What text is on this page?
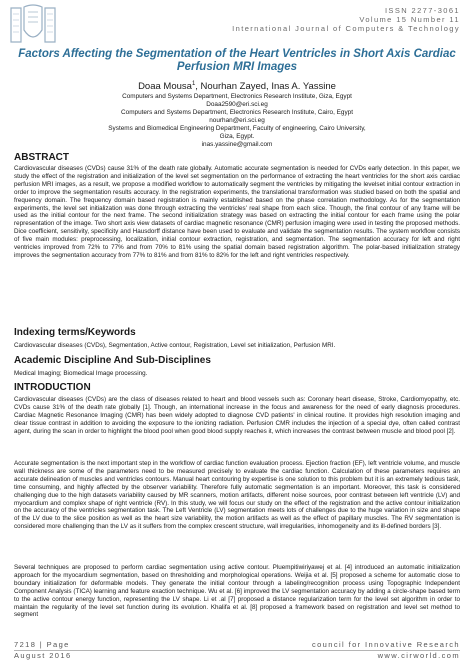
ISSN 2277-3061
Volume 15 Number 11
International Journal of Computers & Technology
Factors Affecting the Segmentation of the Heart Ventricles in Short Axis Cardiac Perfusion MRI Images
Doaa Mousa$^1$, Nourhan Zayed, Inas A. Yassine
Computers and Systems Department, Electronics Research Institute, Giza, Egypt
Doaa2590@eri.sci.eg
Computers and Systems Department, Electronics Research Institute, Cairo, Egypt
nourhan@eri.sci.eg
Systems and Biomedical Engineering Department, Faculty of engineering, Cairo University,
Giza, Egypt.
inas.yassine@gmail.com
ABSTRACT

Cardiovascular diseases (CVDs) cause 31% of the death rate globally. Automatic accurate segmentation is needed for CVDs early detection. In this paper, we study the effect of the registration and initialization of the level set segmentation on the performance of extracting the heart ventricles for the short axis cardiac perfusion MRI images, as a result, we propose a modified workflow to automatically segment the ventricles by mitigating the levelset initial contour extraction in order to improve the segmentation results accuracy. In the registration experiments, the translational transformation was studied based on both the spatial and frequency domain. The frequency domain based registration is mainly established based on the phase correlation methodology. As for the segmentation experiments, the level set initialization was done through extracting the ventricles' real shape from each slice. Though, the final contour of any frame will be used as the initial contour for the next frame. The second initialization strategy was based on extracting the initial contour for each frame using the polar representation of the image. Two short axis view datasets of cardiac magnetic resonance (CMR) perfusion imaging were used in testing the proposed methods. Dice coefficient, sensitivity, specificity and Hausdorff distance have been used to evaluate and validate the segmentation results. The system workflow consists of five main modules: preprocessing, localization, initial contour extraction, registration, and segmentation. The segmentation accuracy for left and right ventricles improved from 72% to 77% and from 70% to 81% using the spatial domain based registration algorithm. The polar-based initialization strategy improves the segmentation accuracy from 77% to 81% and from 81% to 82% for the left and right ventricles respectively.

Indexing terms/Keywords

Cardiovascular diseases (CVDs), Segmentation, Active contour, Registration, Level set initialization, Perfusion MRI.

Academic Discipline And Sub-Disciplines

Medical Imaging; Biomedical Image processing.

INTRODUCTION

Cardiovascular diseases (CVDs) are the class of diseases related to heart and blood vessels such as: Coronary heart disease, Stroke, Cardiomyopathy, etc. CVDs cause 31% of the death rate globally [1]. Though, an international increase in the focus and awareness for the need of early diagnosis procedures. Cardiac Magnetic Resonance Imaging (CMR) has been widely adopted to diagnose CVD patients' in clinical routine. It provides high resolution imaging and clear tissue contrast in addition to avoiding the exposure to the ionizing radiation. Perfusion CMR includes the injection of a special dye, often called contrast agent, during the scan in order to highlight the blood pool when good blood supply reaches it, which increases the contrast between muscle and blood pool [2].

Accurate segmentation is the next important step in the workflow of cardiac function evaluation process. Ejection fraction (EF), left ventricle volume, and muscle wall thickness are some of the parameters need to be measured precisely to evaluate the cardiac function. Calculation of these parameters requires an accurate delineation of muscles and ventricles contours. Manual heart contouring by expertise is one solution to this problem but it is an extremely tedious task, time consuming, and highly affected by the observer variability. Therefore fully automatic segmentation is an important. Moreover, this task is considered challenging due to the high datasets variability caused by MR scanners, motion artifacts, different noise sources, poor contrast between left ventricle (LV) and myocardium and complex shape of right ventricle (RV). In this study, we will focus our study on the effect of the registration and the active contour initialization on the accuracy of the ventricles segmentation task. The Left Ventricle (LV) segmentation meets lots of challenges due to the huge variation in size and shape of the LV due to the slice position as well as the heart size variability, the motion artifacts as well as the effect of papillary muscles. The RV segmentation is considered more challenging than the LV as it suffers from the complex crescent structure, wall irregularities, inhomogeneity and its ill-defined borders [3].

Several techniques are proposed to perform cardiac segmentation using active contour. Pluempitiwiriyawej et al. [4] introduced an automatic initialization approach for the myocardium segmentation, based on thresholding and morphological operations. Weijia et al. [5] proposed a scheme for automatic close to boundary initialization for deformable models. They generate the initial contour through a labeling/recognition process using Topographic Independent Component Analysis (TICA) learning and feature exaction technique. Wu et al. [6] improved the LV segmentation accuracy by adding a circle-shape based term to the active contour energy function, representing the LV shape. Li et .al [7] proposed a distance regularization term for the level set algorithm in order to maintain the regularity of the level set function during its evolution. Khalifa et al. [8] proposed a framework based on registration and level set method to segment

7218 | Page
August 2016
council for Innovative Research
www.cirworld.com
